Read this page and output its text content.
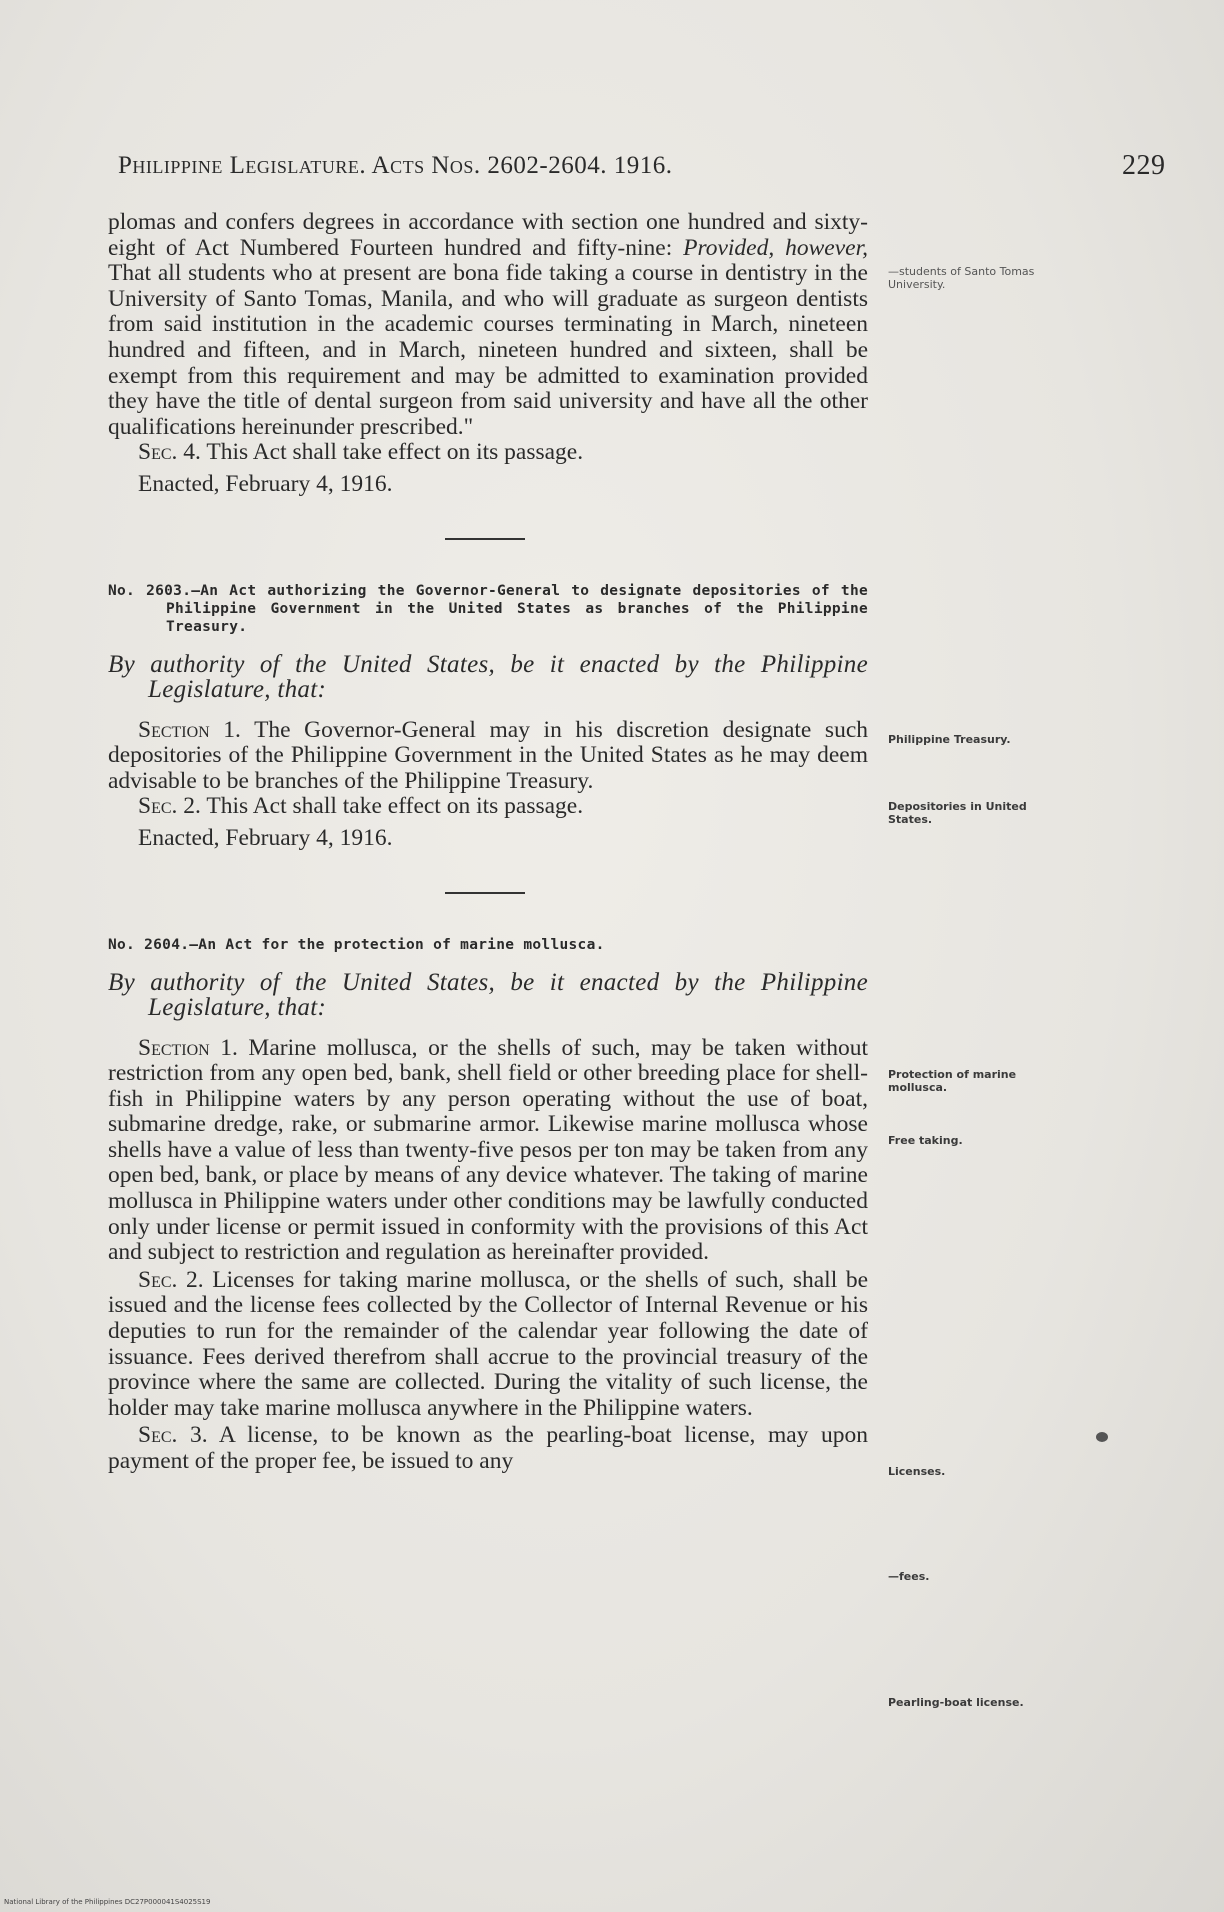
Philippine Legislature. Acts Nos. 2602-2604. 1916.	229

plomas and confers degrees in accordance with section one hundred and sixty-eight of Act Numbered Fourteen hundred and fifty-nine: Provided, however, That all students who at present are bona fide taking a course in dentistry in the University of Santo Tomas, Manila, and who will graduate as surgeon dentists from said institution in the academic courses terminating in March, nineteen hundred and fifteen, and in March, nineteen hundred and sixteen, shall be exempt from this requirement and may be admitted to examination provided they have the title of dental surgeon from said university and have all the other qualifications hereinunder prescribed."

Sec. 4. This Act shall take effect on its passage.

Enacted, February 4, 1916.

No. 2603.—An Act authorizing the Governor-General to designate depositories of the Philippine Government in the United States as branches of the Philippine Treasury.

By authority of the United States, be it enacted by the Philippine Legislature, that:

Section 1. The Governor-General may in his discretion designate such depositories of the Philippine Government in the United States as he may deem advisable to be branches of the Philippine Treasury.

Sec. 2. This Act shall take effect on its passage.

Enacted, February 4, 1916.

No. 2604.—An Act for the protection of marine mollusca.

By authority of the United States, be it enacted by the Philippine Legislature, that:

Section 1. Marine mollusca, or the shells of such, may be taken without restriction from any open bed, bank, shell field or other breeding place for shell-fish in Philippine waters by any person operating without the use of boat, submarine dredge, rake, or submarine armor. Likewise marine mollusca whose shells have a value of less than twenty-five pesos per ton may be taken from any open bed, bank, or place by means of any device whatever. The taking of marine mollusca in Philippine waters under other conditions may be lawfully conducted only under license or permit issued in conformity with the provisions of this Act and subject to restriction and regulation as hereinafter provided.

Sec. 2. Licenses for taking marine mollusca, or the shells of such, shall be issued and the license fees collected by the Collector of Internal Revenue or his deputies to run for the remainder of the calendar year following the date of issuance. Fees derived therefrom shall accrue to the provincial treasury of the province where the same are collected. During the vitality of such license, the holder may take marine mollusca anywhere in the Philippine waters.

Sec. 3. A license, to be known as the pearling-boat license, may upon payment of the proper fee, be issued to any

—students of Santo Tomas University.
Philippine Treasury.
Depositories in United States.
Protection of marine mollusca.
Free taking.
Licenses.
—fees.
Pearling-boat license.
National Library of the Philippines DC27P000041S4025S19
